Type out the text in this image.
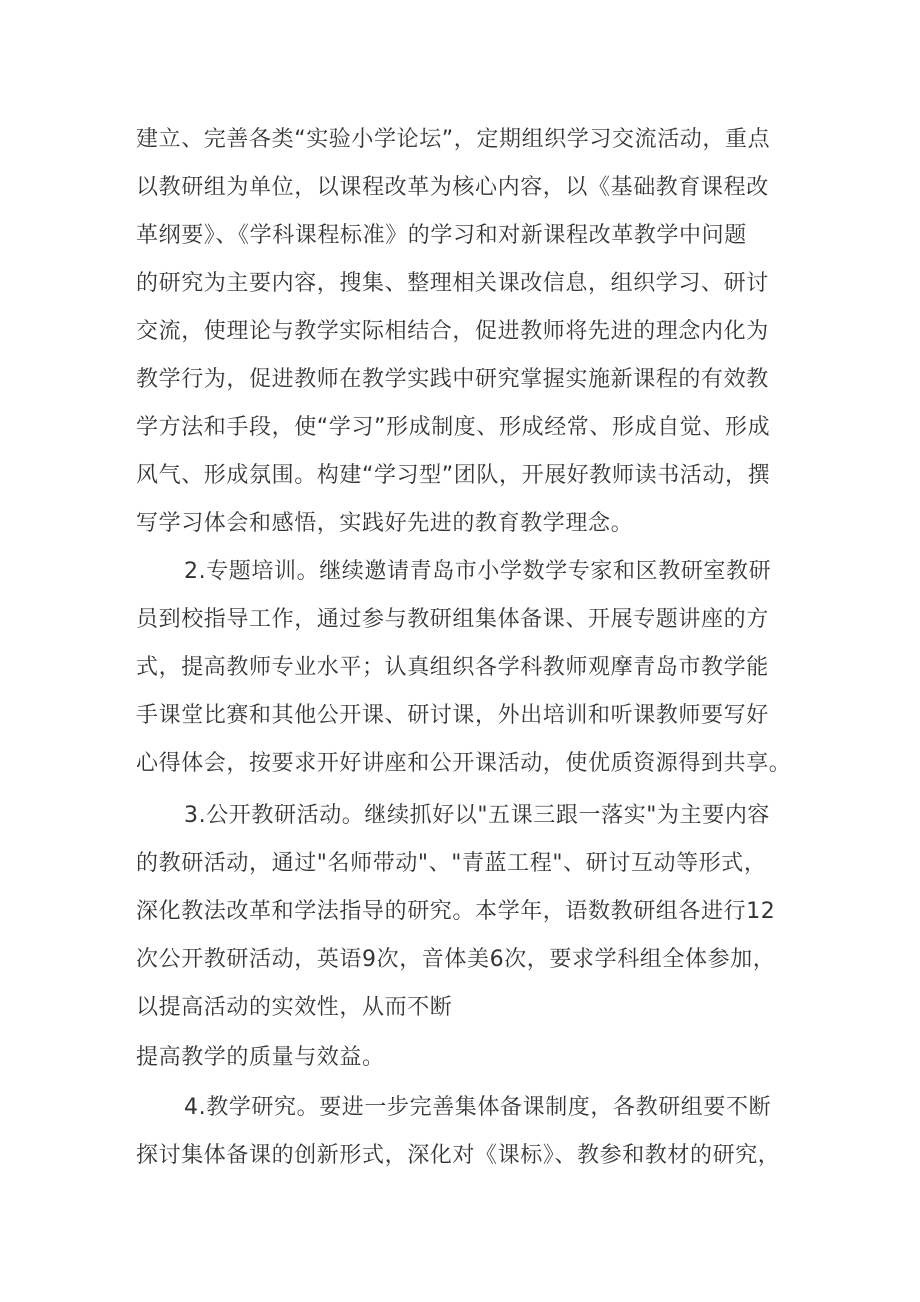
建立、完善各类“实验小学论坛”，定期组织学习交流活动，重点

以教研组为单位，以课程改革为核心内容，以《基础教育课程改

革纲要》、《学科课程标准》的学习和对新课程改革教学中问题

的研究为主要内容，搜集、整理相关课改信息，组织学习、研讨

交流，使理论与教学实际相结合，促进教师将先进的理念内化为

教学行为，促进教师在教学实践中研究掌握实施新课程的有效教

学方法和手段，使“学习”形成制度、形成经常、形成自觉、形成

风气、形成氛围。构建“学习型”团队，开展好教师读书活动，撰

写学习体会和感悟，实践好先进的教育教学理念。

2.专题培训。继续邀请青岛市小学数学专家和区教研室教研

员到校指导工作，通过参与教研组集体备课、开展专题讲座的方

式，提高教师专业水平；认真组织各学科教师观摩青岛市教学能

手课堂比赛和其他公开课、研讨课，外出培训和听课教师要写好

心得体会，按要求开好讲座和公开课活动，使优质资源得到共享。

3.公开教研活动。继续抓好以"五课三跟一落实"为主要内容

的教研活动，通过"名师带动"、"青蓝工程"、研讨互动等形式，

深化教法改革和学法指导的研究。本学年，语数教研组各进行12

次公开教研活动，英语9次，音体美6次，要求学科组全体参加，

以提高活动的实效性，从而不断

提高教学的质量与效益。

4.教学研究。要进一步完善集体备课制度，各教研组要不断

探讨集体备课的创新形式，深化对《课标》、教参和教材的研究，
